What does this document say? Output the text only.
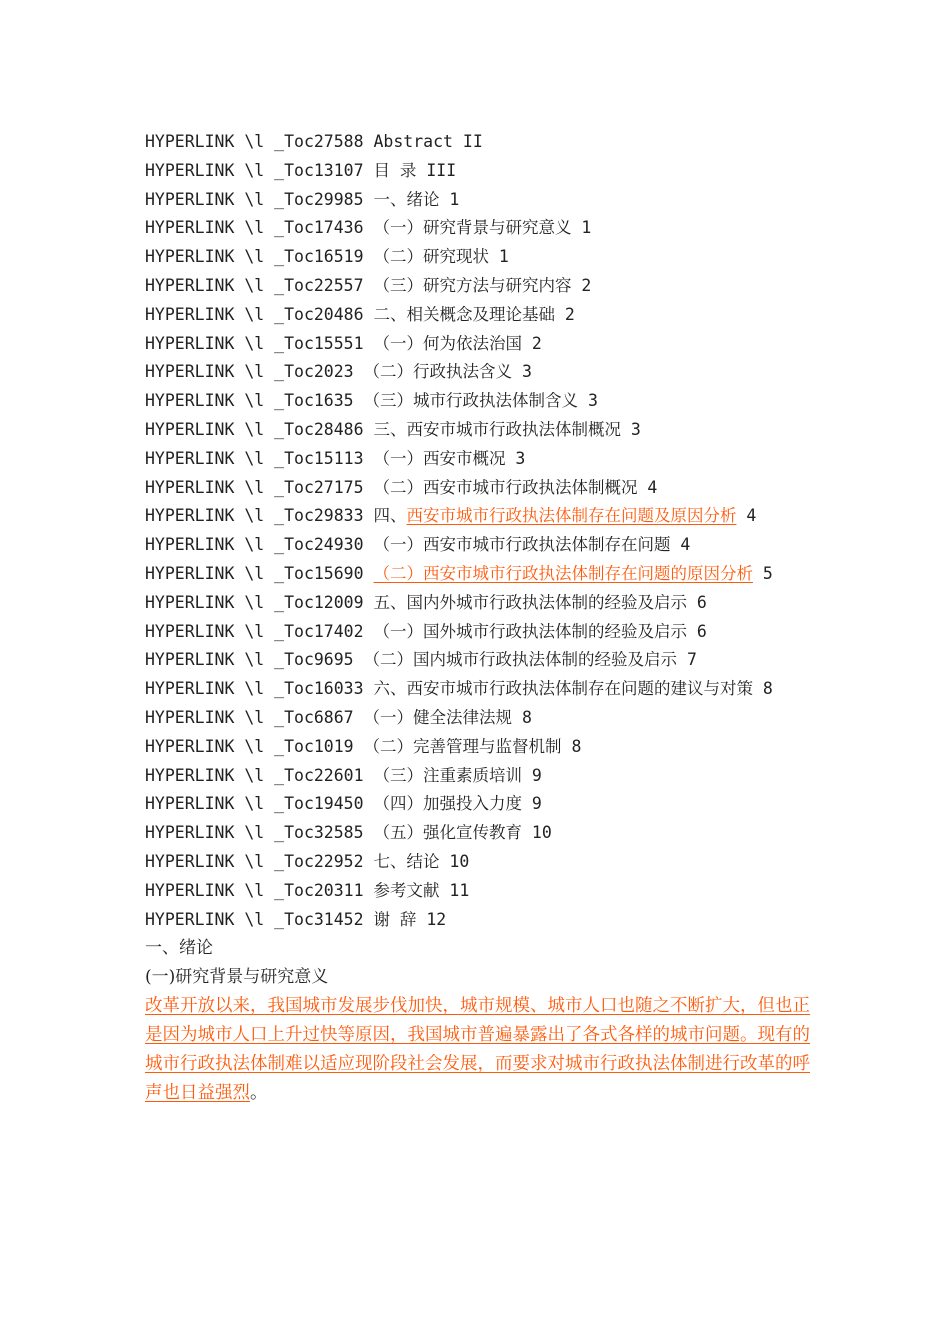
HYPERLINK \l _Toc27588 Abstract II

HYPERLINK \l _Toc13107 目 录 III

HYPERLINK \l _Toc29985 一、绪论 1

HYPERLINK \l _Toc17436 （一）研究背景与研究意义 1

HYPERLINK \l _Toc16519 （二）研究现状 1

HYPERLINK \l _Toc22557 （三）研究方法与研究内容 2

HYPERLINK \l _Toc20486 二、相关概念及理论基础 2

HYPERLINK \l _Toc15551 （一）何为依法治国 2

HYPERLINK \l _Toc2023 （二）行政执法含义 3

HYPERLINK \l _Toc1635 （三）城市行政执法体制含义 3

HYPERLINK \l _Toc28486 三、西安市城市行政执法体制概况 3

HYPERLINK \l _Toc15113 （一）西安市概况 3

HYPERLINK \l _Toc27175 （二）西安市城市行政执法体制概况 4

HYPERLINK \l _Toc29833 四、西安市城市行政执法体制存在问题及原因分析 4

HYPERLINK \l _Toc24930 （一）西安市城市行政执法体制存在问题 4

HYPERLINK \l _Toc15690 （二）西安市城市行政执法体制存在问题的原因分析 5

HYPERLINK \l _Toc12009 五、国内外城市行政执法体制的经验及启示 6

HYPERLINK \l _Toc17402 （一）国外城市行政执法体制的经验及启示 6

HYPERLINK \l _Toc9695 （二）国内城市行政执法体制的经验及启示 7

HYPERLINK \l _Toc16033 六、西安市城市行政执法体制存在问题的建议与对策 8

HYPERLINK \l _Toc6867 （一）健全法律法规 8

HYPERLINK \l _Toc1019 （二）完善管理与监督机制 8

HYPERLINK \l _Toc22601 （三）注重素质培训 9

HYPERLINK \l _Toc19450 （四）加强投入力度 9

HYPERLINK \l _Toc32585 （五）强化宣传教育 10

HYPERLINK \l _Toc22952 七、结论 10

HYPERLINK \l _Toc20311 参考文献 11

HYPERLINK \l _Toc31452 谢 辞 12

一、绪论

(一)研究背景与研究意义

改革开放以来，我国城市发展步伐加快，城市规模、城市人口也随之不断扩大，但也正是因为城市人口上升过快等原因，我国城市普遍暴露出了各式各样的城市问题。现有的城市行政执法体制难以适应现阶段社会发展，而要求对城市行政执法体制进行改革的呼声也日益强烈。
